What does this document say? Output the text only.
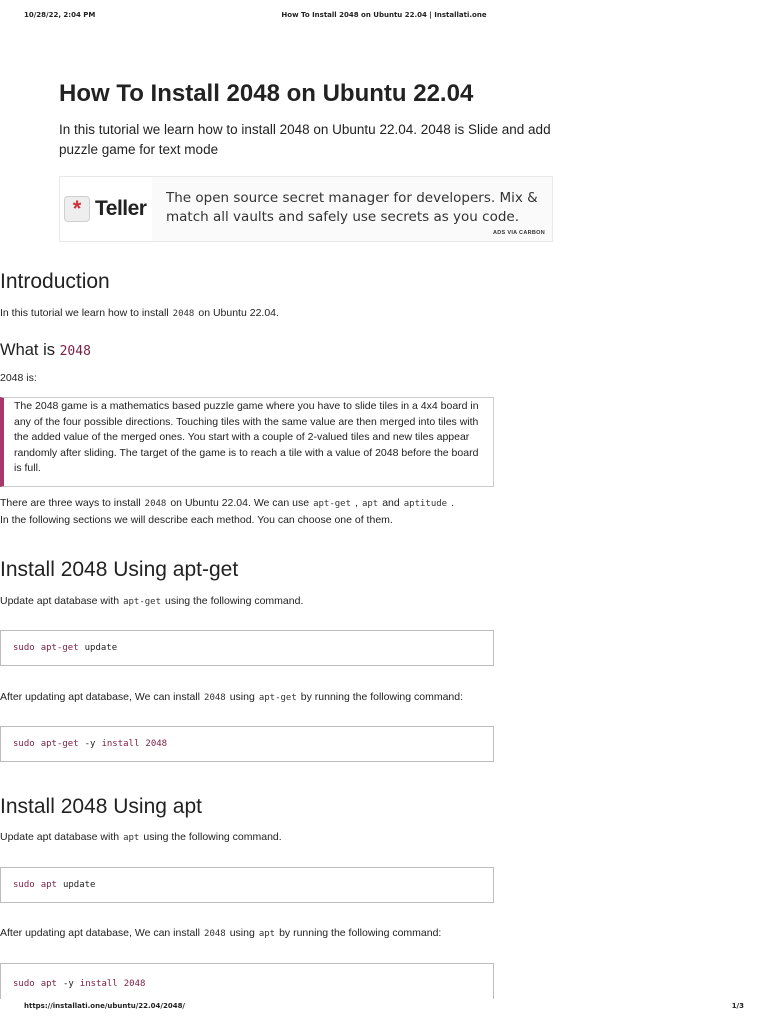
10/28/22, 2:04 PM	How To Install 2048 on Ubuntu 22.04 | Installati.one
How To Install 2048 on Ubuntu 22.04

In this tutorial we learn how to install 2048 on Ubuntu 22.04. 2048 is Slide and add puzzle game for text mode

* Teller	The open source secret manager for developers. Mix & match all vaults and safely use secrets as you code.
ADS VIA CARBON
Introduction

In this tutorial we learn how to install 2048 on Ubuntu 22.04.

What is 2048

2048 is:

The 2048 game is a mathematics based puzzle game where you have to slide tiles in a 4x4 board in any of the four possible directions. Touching tiles with the same value are then merged into tiles with the added value of the merged ones. You start with a couple of 2-valued tiles and new tiles appear randomly after sliding. The target of the game is to reach a tile with a value of 2048 before the board is full.

There are three ways to install 2048 on Ubuntu 22.04. We can use apt-get , apt and aptitude .
In the following sections we will describe each method. You can choose one of them.

Install 2048 Using apt-get

Update apt database with apt-get using the following command.

sudo apt-get update

After updating apt database, We can install 2048 using apt-get by running the following command:

sudo apt-get -y install 2048
Install 2048 Using apt

Update apt database with apt using the following command.

sudo apt update

After updating apt database, We can install 2048 using apt by running the following command:

sudo apt -y install 2048
https://installati.one/ubuntu/22.04/2048/	1/3
